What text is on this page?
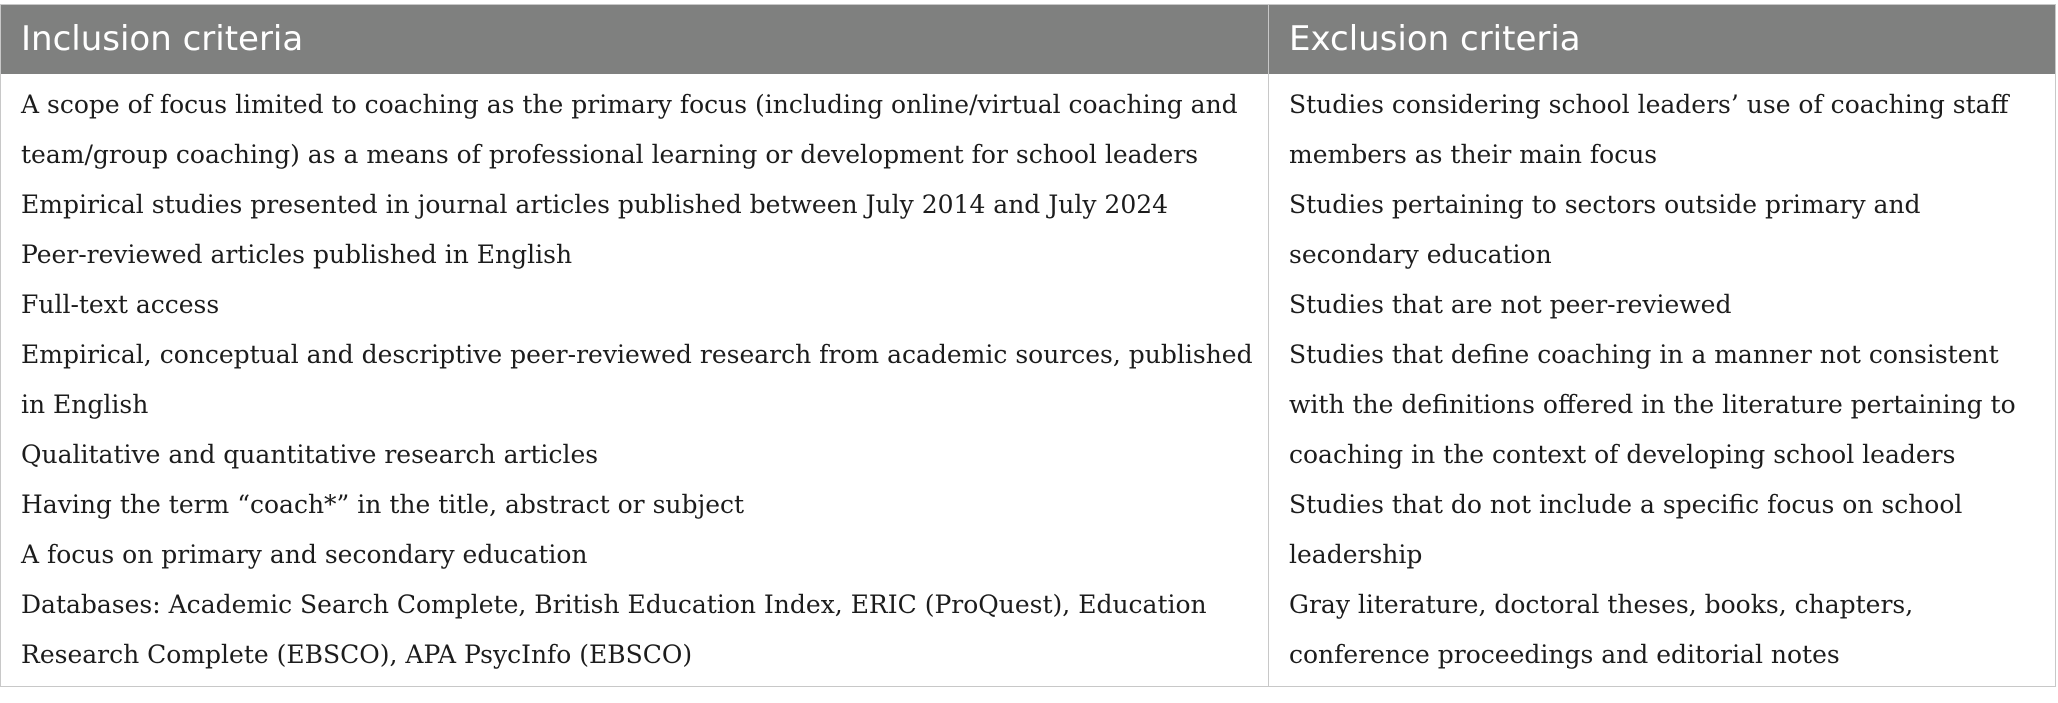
Inclusion criteria	Exclusion criteria

A scope of focus limited to coaching as the primary focus (including online/virtual coaching and team/group coaching) as a means of professional learning or development for school leaders

Empirical studies presented in journal articles published between July 2014 and July 2024

Peer-reviewed articles published in English

Full-text access

Empirical, conceptual and descriptive peer-reviewed research from academic sources, published in English

Qualitative and quantitative research articles

Having the term “coach*” in the title, abstract or subject

A focus on primary and secondary education

Databases: Academic Search Complete, British Education Index, ERIC (ProQuest), Education Research Complete (EBSCO), APA PsycInfo (EBSCO)

Studies considering school leaders’ use of coaching staff members as their main focus

Studies pertaining to sectors outside primary and secondary education

Studies that are not peer-reviewed

Studies that define coaching in a manner not consistent with the definitions offered in the literature pertaining to coaching in the context of developing school leaders

Studies that do not include a specific focus on school leadership

Gray literature, doctoral theses, books, chapters, conference proceedings and editorial notes
